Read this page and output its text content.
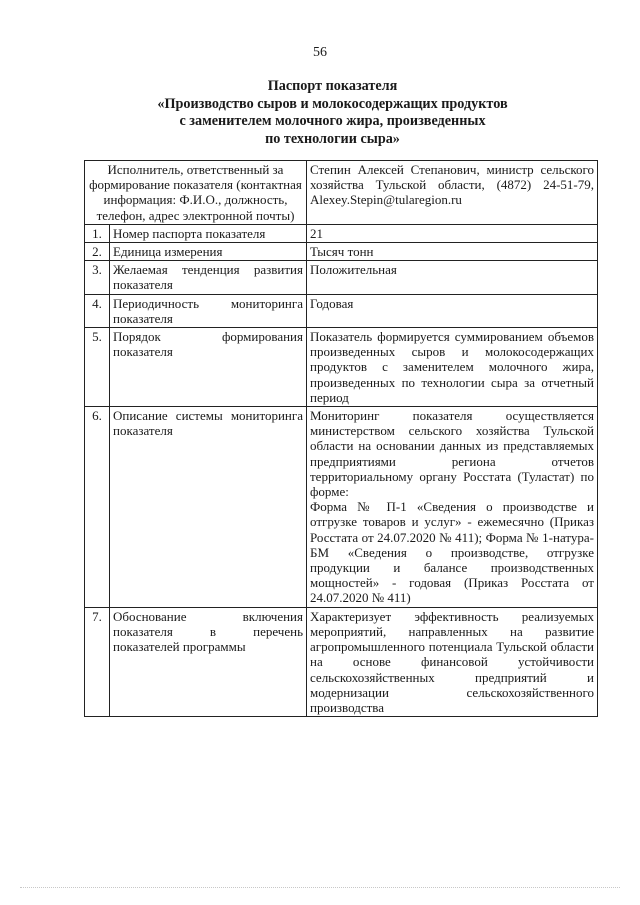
56
Паспорт показателя
«Производство сыров и молокосодержащих продуктов
с заменителем молочного жира, произведенных
по технологии сыра»
Исполнитель, ответственный за формирование показателя (контактная информация: Ф.И.О., должность, телефон, адрес электронной почты)		Степин Алексей Степанович, министр сельского хозяйства Тульской области, (4872) 24-51-79, Alexey.Stepin@tularegion.ru
1.	Номер паспорта показателя	21

2.	Единица измерения	Тысяч тонн

3.	Желаемая тенденция развития показателя	Положительная

4.	Периодичность мониторинга показателя	Годовая

5.	Порядок формирования показателя	Показатель формируется суммированием объемов произведенных сыров и молокосодержащих продуктов с заменителем молочного жира, произведенных по технологии сыра за отчетный период

6.	Описание системы мониторинга показателя	Мониторинг показателя осуществляется министерством сельского хозяйства Тульской области на основании данных из представляемых предприятиями региона отчетов территориальному органу Росстата (Туластат) по форме:

Форма № П-1 «Сведения о производстве и отгрузке товаров и услуг» - ежемесячно (Приказ Росстата от 24.07.2020 № 411); Форма № 1-натура-БМ «Сведения о производстве, отгрузке продукции и балансе производственных мощностей» - годовая (Приказ Росстата от 24.07.2020 № 411)

7.	Обоснование включения показателя в перечень показателей программы	Характеризует эффективность реализуемых мероприятий, направленных на развитие агропромышленного потенциала Тульской области на основе финансовой устойчивости сельскохозяйственных предприятий и модернизации сельскохозяйственного производства
